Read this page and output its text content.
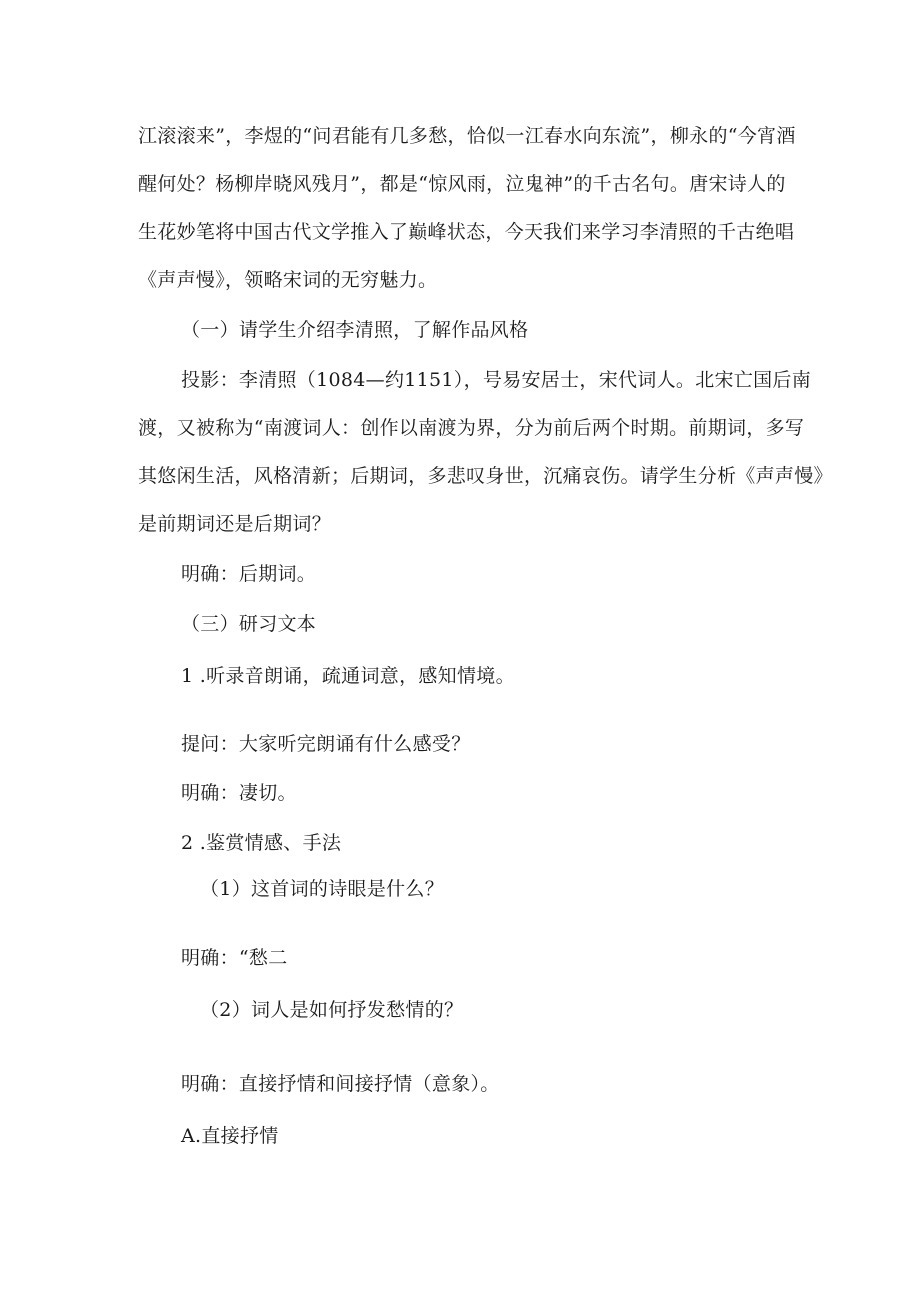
江滚滚来”，李煜的“问君能有几多愁，恰似一江春水向东流”，柳永的“今宵酒
醒何处？杨柳岸晓风残月”，都是“惊风雨，泣鬼神”的千古名句。唐宋诗人的
生花妙笔将中国古代文学推入了巅峰状态，今天我们来学习李清照的千古绝唱
《声声慢》，领略宋词的无穷魅力。
（一）请学生介绍李清照，了解作品风格
投影：李清照（1084—约1151），号易安居士，宋代词人。北宋亡国后南
渡，又被称为“南渡词人：创作以南渡为界，分为前后两个时期。前期词，多写
其悠闲生活，风格清新；后期词，多悲叹身世，沉痛哀伤。请学生分析《声声慢》
是前期词还是后期词？
明确：后期词。
（三）研习文本
1 .听录音朗诵，疏通词意，感知情境。
提问：大家听完朗诵有什么感受？
明确：凄切。
2 .鉴赏情感、手法
（1）这首词的诗眼是什么？
明确：“愁二
（2）词人是如何抒发愁情的？
明确：直接抒情和间接抒情（意象）。
A.直接抒情
